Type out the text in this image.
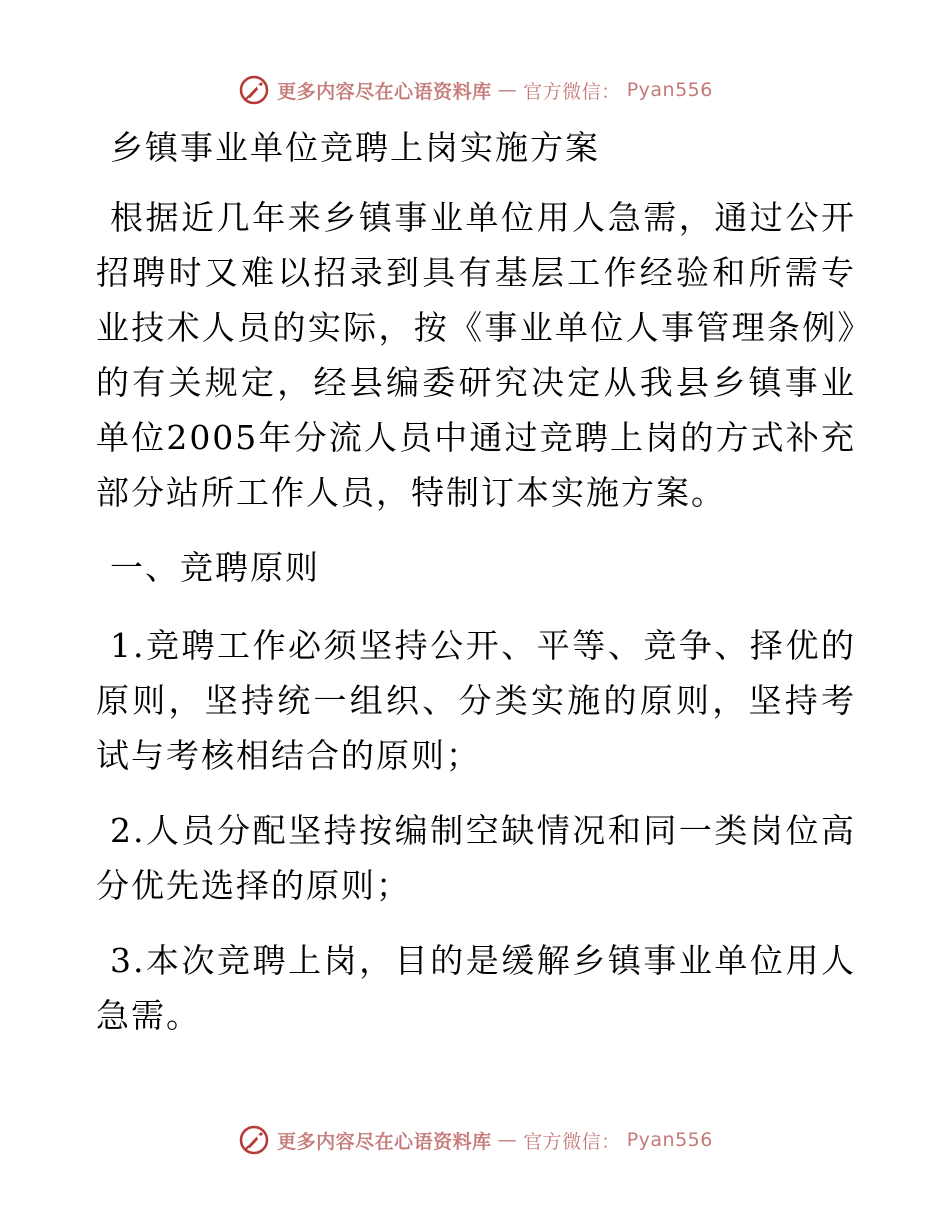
更多内容尽在心语资料库 — 官方微信： Pyan556
乡镇事业单位竞聘上岗实施方案

根据近几年来乡镇事业单位用人急需，通过公开招聘时又难以招录到具有基层工作经验和所需专业技术人员的实际，按《事业单位人事管理条例》的有关规定，经县编委研究决定从我县乡镇事业单位2005年分流人员中通过竞聘上岗的方式补充部分站所工作人员，特制订本实施方案。

一、竞聘原则

1.竞聘工作必须坚持公开、平等、竞争、择优的原则，坚持统一组织、分类实施的原则，坚持考试与考核相结合的原则；

2.人员分配坚持按编制空缺情况和同一类岗位高分优先选择的原则；

3.本次竞聘上岗，目的是缓解乡镇事业单位用人急需。

更多内容尽在心语资料库 — 官方微信： Pyan556
